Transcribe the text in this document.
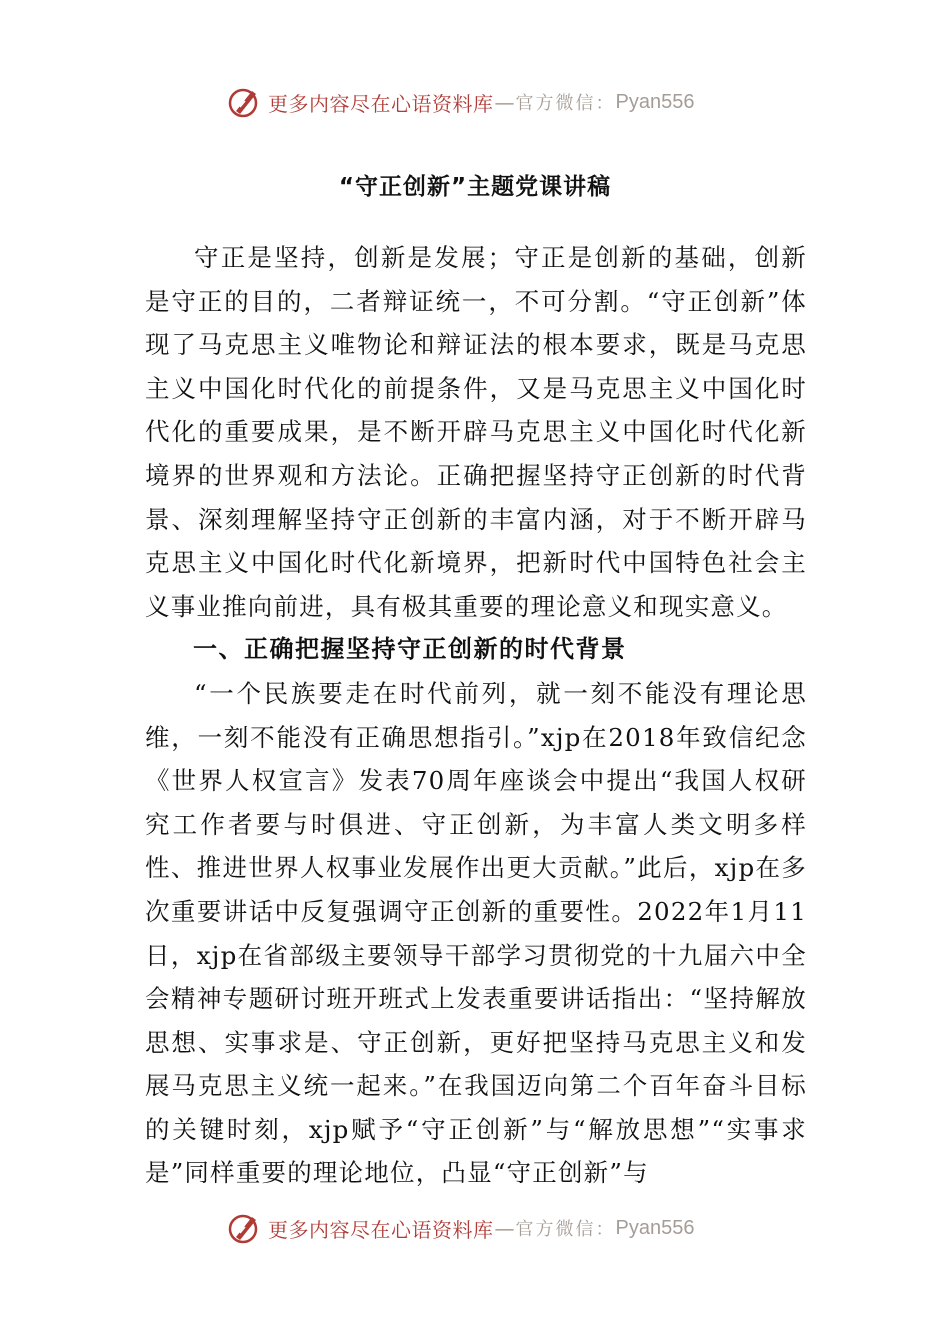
更多内容尽在心语资料库 — 官方微信： Pyan556
“守正创新”主题党课讲稿

守正是坚持，创新是发展；守正是创新的基础，创新是守正的目的，二者辩证统一，不可分割。“守正创新”体现了马克思主义唯物论和辩证法的根本要求，既是马克思主义中国化时代化的前提条件，又是马克思主义中国化时代化的重要成果，是不断开辟马克思主义中国化时代化新境界的世界观和方法论。正确把握坚持守正创新的时代背景、深刻理解坚持守正创新的丰富内涵，对于不断开辟马克思主义中国化时代化新境界，把新时代中国特色社会主义事业推向前进，具有极其重要的理论意义和现实意义。

一、正确把握坚持守正创新的时代背景

“一个民族要走在时代前列，就一刻不能没有理论思维，一刻不能没有正确思想指引。”xjp在2018年致信纪念《世界人权宣言》发表70周年座谈会中提出“我国人权研究工作者要与时俱进、守正创新，为丰富人类文明多样性、推进世界人权事业发展作出更大贡献。”此后，xjp在多次重要讲话中反复强调守正创新的重要性。2022年1月11日，xjp在省部级主要领导干部学习贯彻党的十九届六中全会精神专题研讨班开班式上发表重要讲话指出：“坚持解放思想、实事求是、守正创新，更好把坚持马克思主义和发展马克思主义统一起来。”在我国迈向第二个百年奋斗目标的关键时刻，xjp赋予“守正创新”与“解放思想”“实事求是”同样重要的理论地位，凸显“守正创新”与

更多内容尽在心语资料库 — 官方微信： Pyan556
